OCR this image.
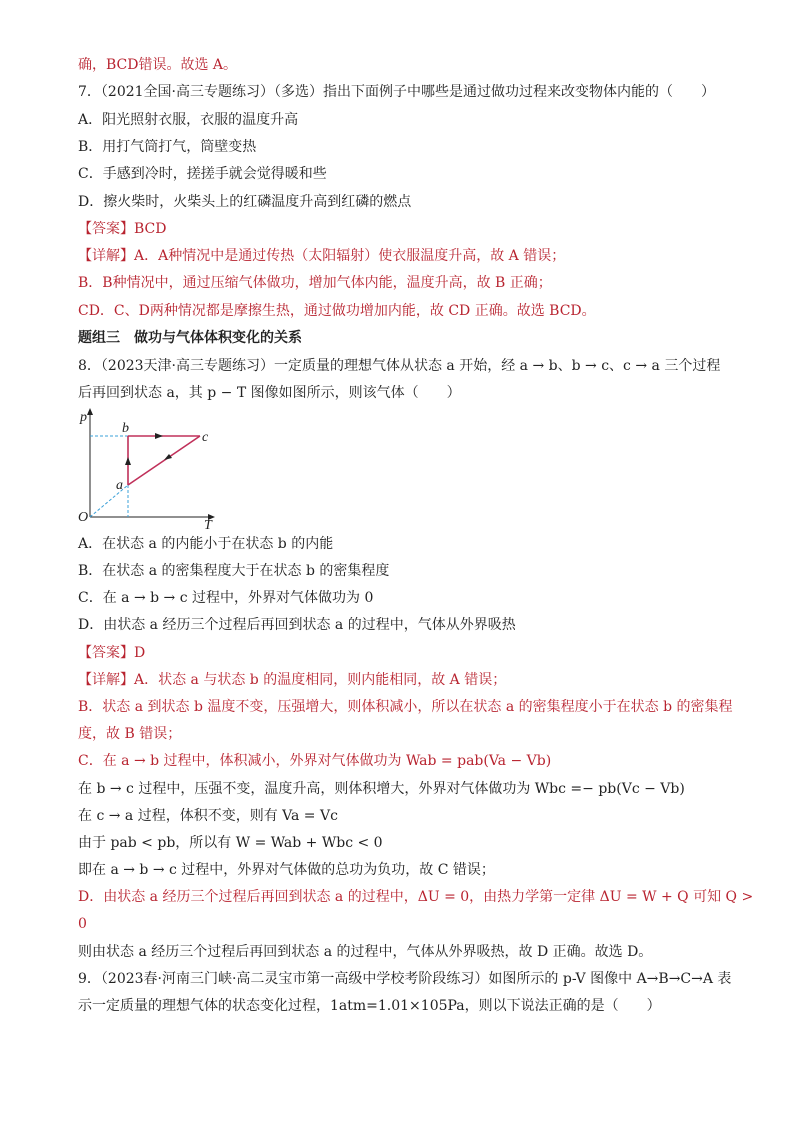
确，BCD错误。故选 A。
7．（2021全国·高三专题练习）（多选）指出下面例子中哪些是通过做功过程来改变物体内能的（　　）
A．阳光照射衣服，衣服的温度升高
B．用打气筒打气，筒壁变热
C．手感到冷时，搓搓手就会觉得暖和些
D．擦火柴时，火柴头上的红磷温度升高到红磷的燃点
【答案】BCD
【详解】A．A种情况中是通过传热（太阳辐射）使衣服温度升高，故 A 错误；
B．B种情况中，通过压缩气体做功，增加气体内能，温度升高，故 B 正确；
CD．C、D两种情况都是摩擦生热，通过做功增加内能，故 CD 正确。故选 BCD。
题组三　做功与气体体积变化的关系
8．（2023天津·高三专题练习）一定质量的理想气体从状态 a 开始，经 a → b、b → c、c → a 三个过程
后再回到状态 a，其 p − T 图像如图所示，则该气体（　　）
p
T
O
a
b
c
A．在状态 a 的内能小于在状态 b 的内能
B．在状态 a 的密集程度大于在状态 b 的密集程度
C．在 a → b → c 过程中，外界对气体做功为 0
D．由状态 a 经历三个过程后再回到状态 a 的过程中，气体从外界吸热
【答案】D
【详解】A．状态 a 与状态 b 的温度相同，则内能相同，故 A 错误；
B．状态 a 到状态 b 温度不变，压强增大，则体积减小，所以在状态 a 的密集程度小于在状态 b 的密集程
度，故 B 错误；
C．在 a → b 过程中，体积减小，外界对气体做功为 Wab = pab(Va − Vb)
在 b → c 过程中，压强不变，温度升高，则体积增大，外界对气体做功为 Wbc =− pb(Vc − Vb)
在 c → a 过程，体积不变，则有 Va = Vc
由于 pab < pb，所以有 W = Wab + Wbc < 0
即在 a → b → c 过程中，外界对气体做的总功为负功，故 C 错误；
D．由状态 a 经历三个过程后再回到状态 a 的过程中，ΔU = 0，由热力学第一定律 ΔU = W + Q 可知 Q >
0
则由状态 a 经历三个过程后再回到状态 a 的过程中，气体从外界吸热，故 D 正确。故选 D。
9．（2023春·河南三门峡·高二灵宝市第一高级中学校考阶段练习）如图所示的 p-V 图像中 A→B→C→A 表
示一定质量的理想气体的状态变化过程，1atm=1.01×105Pa，则以下说法正确的是（　　）
